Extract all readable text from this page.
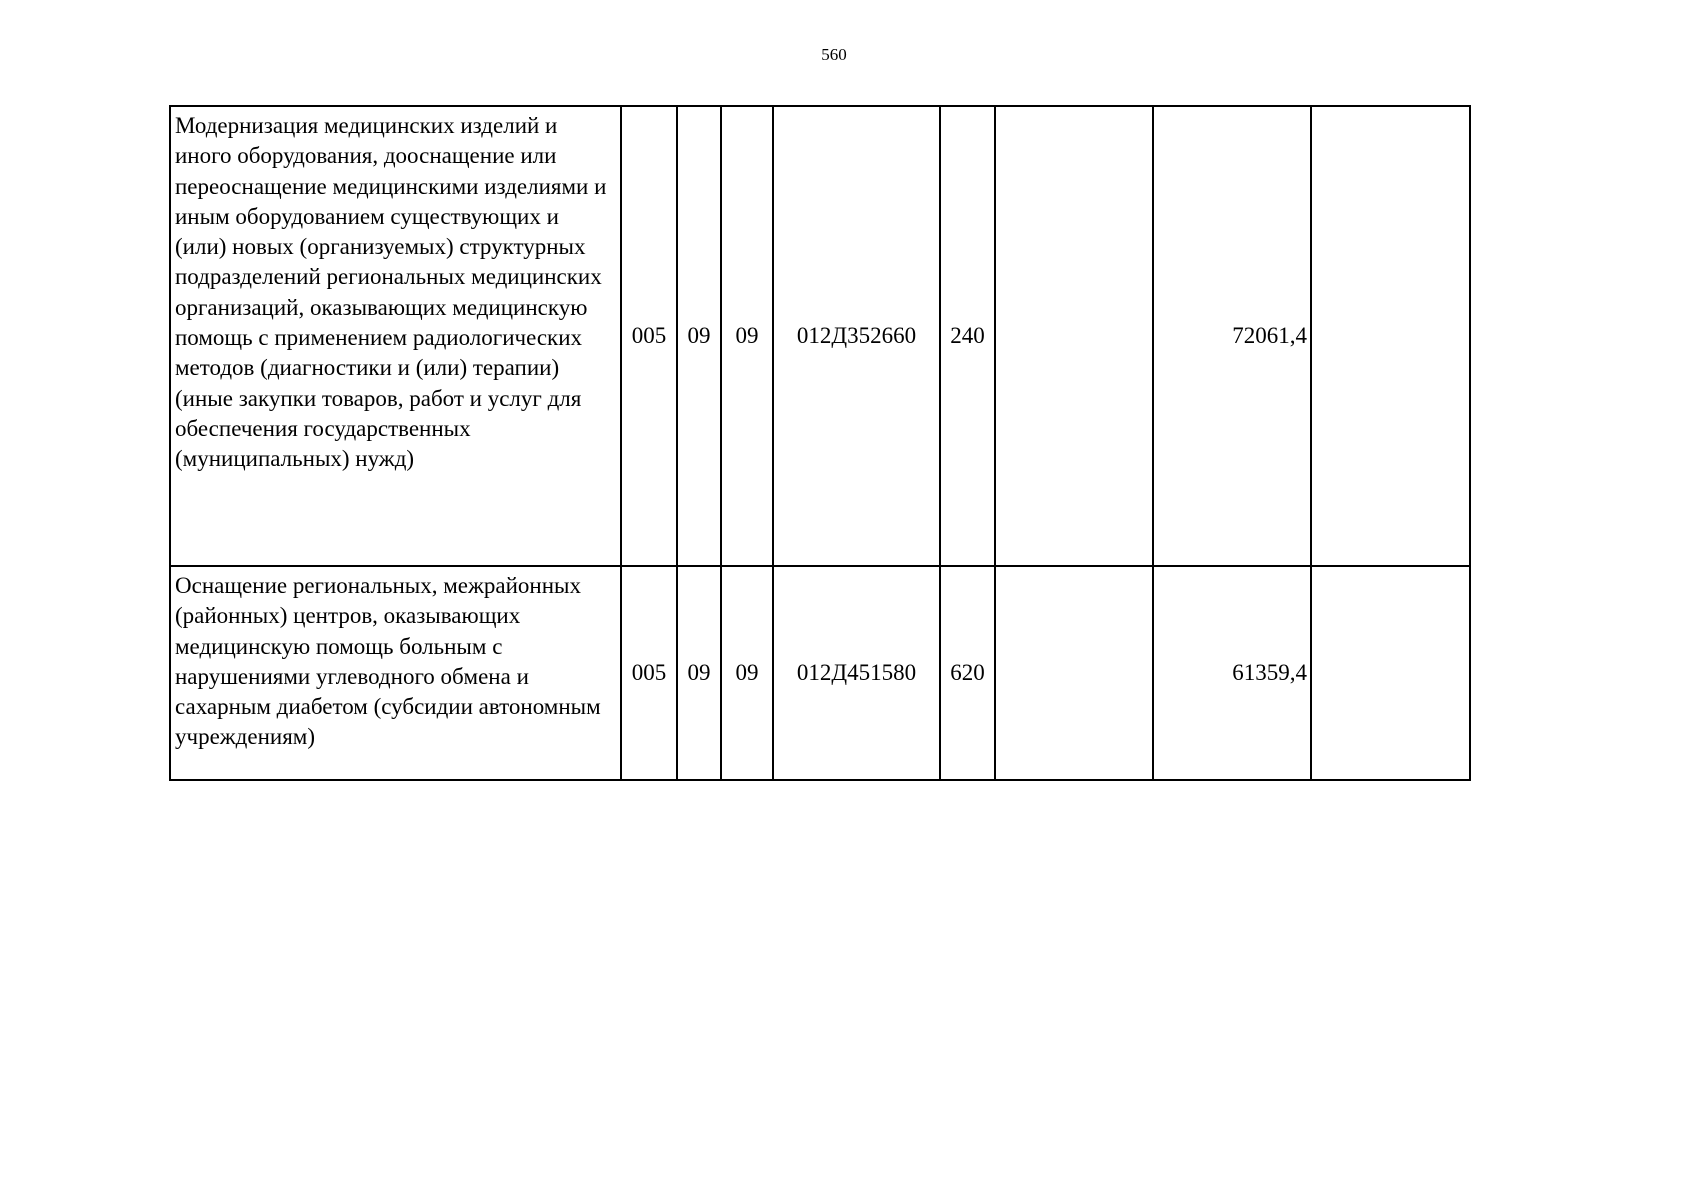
560
Модернизация медицинских изделий и иного оборудования, дооснащение или переоснащение медицинскими изделиями и иным оборудованием существующих и (или) новых (организуемых) структурных подразделений региональных медицинских организаций, оказывающих медицинскую помощь с применением радиологических методов (диагностики и (или) терапии) (иные закупки товаров, работ и услуг для обеспечения государственных (муниципальных) нужд)	005	09	09	012Д352660	240		72061,4	
Оснащение региональных, межрайонных (районных) центров, оказывающих медицинскую помощь больным с нарушениями углеводного обмена и сахарным диабетом (субсидии автономным учреждениям)	005	09	09	012Д451580	620		61359,4	
